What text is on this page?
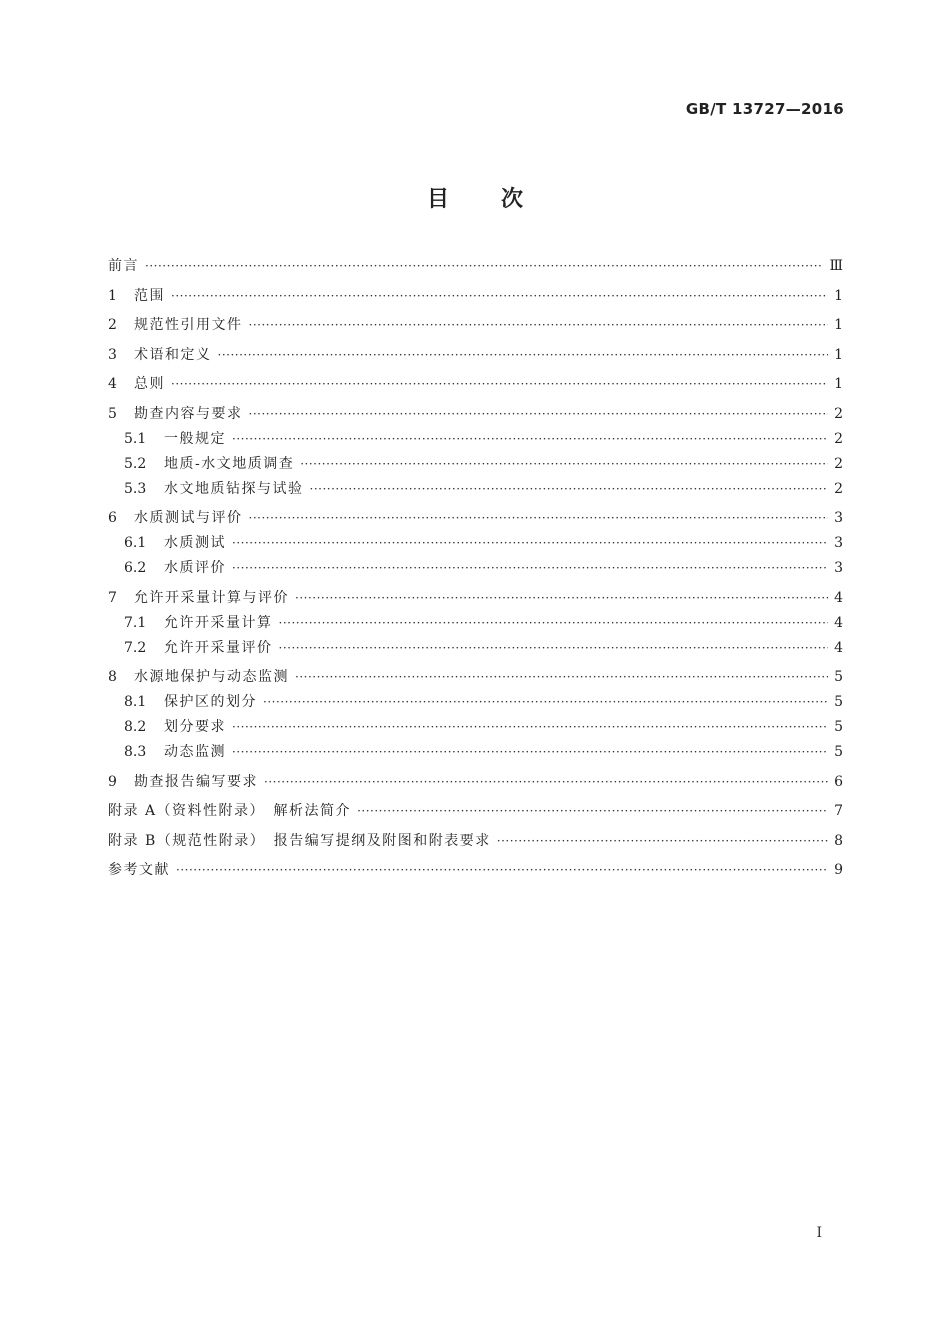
GB/T 13727—2016
目 次
前言 ·····	Ⅲ
1	范围 ·····	1
2	规范性引用文件 ·····	1
3	术语和定义 ·····	1
4	总则 ·····	1
5	勘查内容与要求 ·····	2
5.1	一般规定 ·····	2
5.2	地质-水文地质调查 ·····	2
5.3	水文地质钻探与试验 ·····	2
6	水质测试与评价 ·····	3
6.1	水质测试 ·····	3
6.2	水质评价 ·····	3
7	允许开采量计算与评价 ·····	4
7.1	允许开采量计算 ·····	4
7.2	允许开采量评价 ·····	4
8	水源地保护与动态监测 ·····	5
8.1	保护区的划分 ·····	5
8.2	划分要求 ·····	5
8.3	动态监测 ·····	5
9	勘查报告编写要求 ·····	6
附录 A（资料性附录）　解析法简介 ·····	7
附录 B（规范性附录）　报告编写提纲及附图和附表要求 ·····	8
参考文献 ·····	9
I
